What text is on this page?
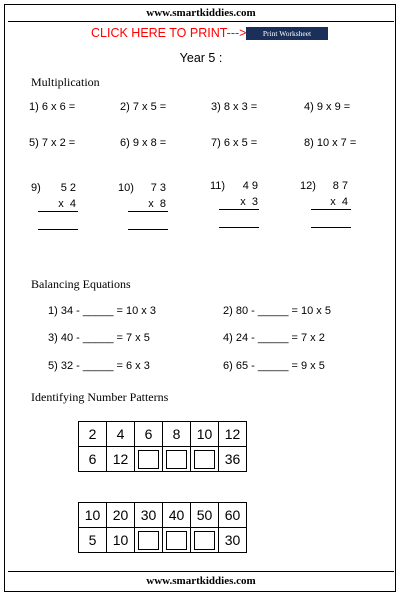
www.smartkiddies.com
CLICK HERE TO PRINT--->	Print Worksheet
Year 5 :
Multiplication
1) 6 x 6 =	2) 7 x 5 =	3) 8 x 3 =	4) 9 x 9 =
5) 7 x 2 =	6) 9 x 8 =	7) 6 x 5 =	8) 10 x 7 =
9)	5 2
x  4
10)	7 3
x  8
11)	4 9
x  3
12)	8 7
x  4
Balancing Equations
1) 34 - _____ = 10 x 3	2) 80 - _____ = 10 x 5
3) 40 - _____ = 7 x 5	4) 24 - _____ = 7 x 2
5) 32 - _____ = 6 x 3	6) 65 - _____ = 9 x 5
Identifying Number Patterns
2	4	6	8	10	12
6	12				36
10	20	30	40	50	60
5	10				30
www.smartkiddies.com
